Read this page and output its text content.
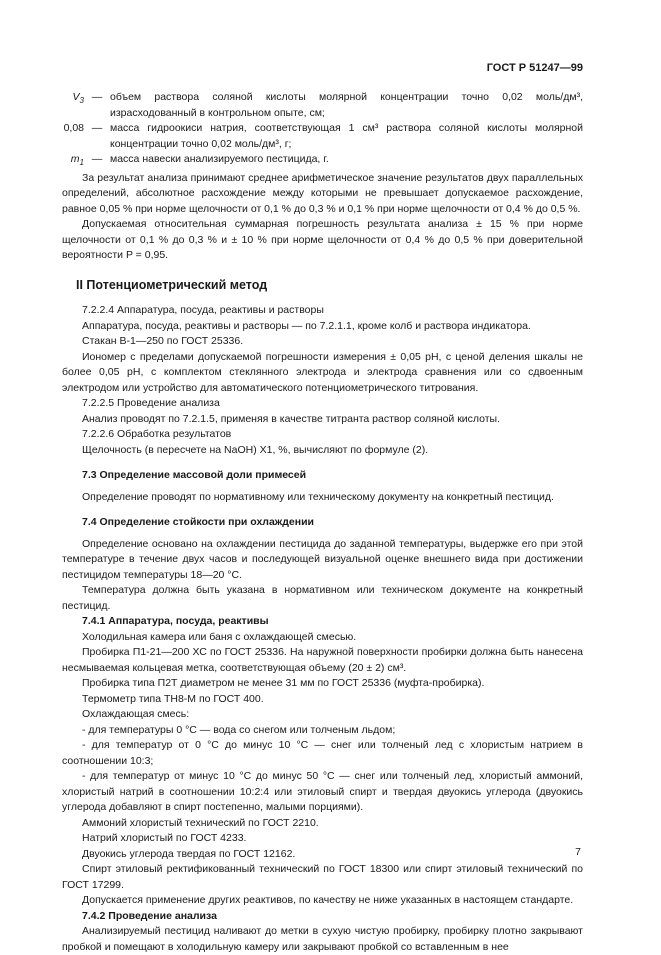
ГОСТ Р 51247—99
$V_3$ — объем раствора соляной кислоты молярной концентрации точно 0,02 моль/дм³, израсходованный в контрольном опыте, см;
0,08 — масса гидроокиси натрия, соответствующая 1 см³ раствора соляной кислоты молярной концентрации точно 0,02 моль/дм³, г;
$m_1$ — масса навески анализируемого пестицида, г.

За результат анализа принимают среднее арифметическое значение результатов двух параллельных определений, абсолютное расхождение между которыми не превышает допускаемое расхождение, равное 0,05 % при норме щелочности от 0,1 % до 0,3 % и 0,1 % при норме щелочности от 0,4 % до 0,5 %.

Допускаемая относительная суммарная погрешность результата анализа ± 15 % при норме щелочности от 0,1 % до 0,3 % и ± 10 % при норме щелочности от 0,4 % до 0,5 % при доверительной вероятности P = 0,95.

II Потенциометрический метод

7.2.2.4 Аппаратура, посуда, реактивы и растворы

Аппаратура, посуда, реактивы и растворы — по 7.2.1.1, кроме колб и раствора индикатора.

Стакан В-1—250 по ГОСТ 25336.

Иономер с пределами допускаемой погрешности измерения ± 0,05 pH, с ценой деления шкалы не более 0,05 pH, с комплектом стеклянного электрода и электрода сравнения или со сдвоенным электродом или устройство для автоматического потенциометрического титрования.

7.2.2.5 Проведение анализа

Анализ проводят по 7.2.1.5, применяя в качестве титранта раствор соляной кислоты.

7.2.2.6 Обработка результатов

Щелочность (в пересчете на NaOH) X1, %, вычисляют по формуле (2).

7.3 Определение массовой доли примесей

Определение проводят по нормативному или техническому документу на конкретный пестицид.

7.4 Определение стойкости при охлаждении

Определение основано на охлаждении пестицида до заданной температуры, выдержке его при этой температуре в течение двух часов и последующей визуальной оценке внешнего вида при достижении пестицидом температуры 18—20 °С.

Температура должна быть указана в нормативном или техническом документе на конкретный пестицид.

7.4.1 Аппаратура, посуда, реактивы

Холодильная камера или баня с охлаждающей смесью.

Пробирка П1-21—200 ХС по ГОСТ 25336. На наружной поверхности пробирки должна быть нанесена несмываемая кольцевая метка, соответствующая объему (20 ± 2) см³.

Пробирка типа П2Т диаметром не менее 31 мм по ГОСТ 25336 (муфта-пробирка).

Термометр типа ТН8-М по ГОСТ 400.

Охлаждающая смесь:

- для температуры 0 °С — вода со снегом или толченым льдом;

- для температур от 0 °С до минус 10 °С — снег или толченый лед с хлористым натрием в соотношении 10:3;

- для температур от минус 10 °С до минус 50 °С — снег или толченый лед, хлористый аммоний, хлористый натрий в соотношении 10:2:4 или этиловый спирт и твердая двуокись углерода (двуокись углерода добавляют в спирт постепенно, малыми порциями).

Аммоний хлористый технический по ГОСТ 2210.

Натрий хлористый по ГОСТ 4233.

Двуокись углерода твердая по ГОСТ 12162.

Спирт этиловый ректификованный технический по ГОСТ 18300 или спирт этиловый технический по ГОСТ 17299.

Допускается применение других реактивов, по качеству не ниже указанных в настоящем стандарте.

7.4.2 Проведение анализа

Анализируемый пестицид наливают до метки в сухую чистую пробирку, пробирку плотно закрывают пробкой и помещают в холодильную камеру или закрывают пробкой со вставленным в нее

7
